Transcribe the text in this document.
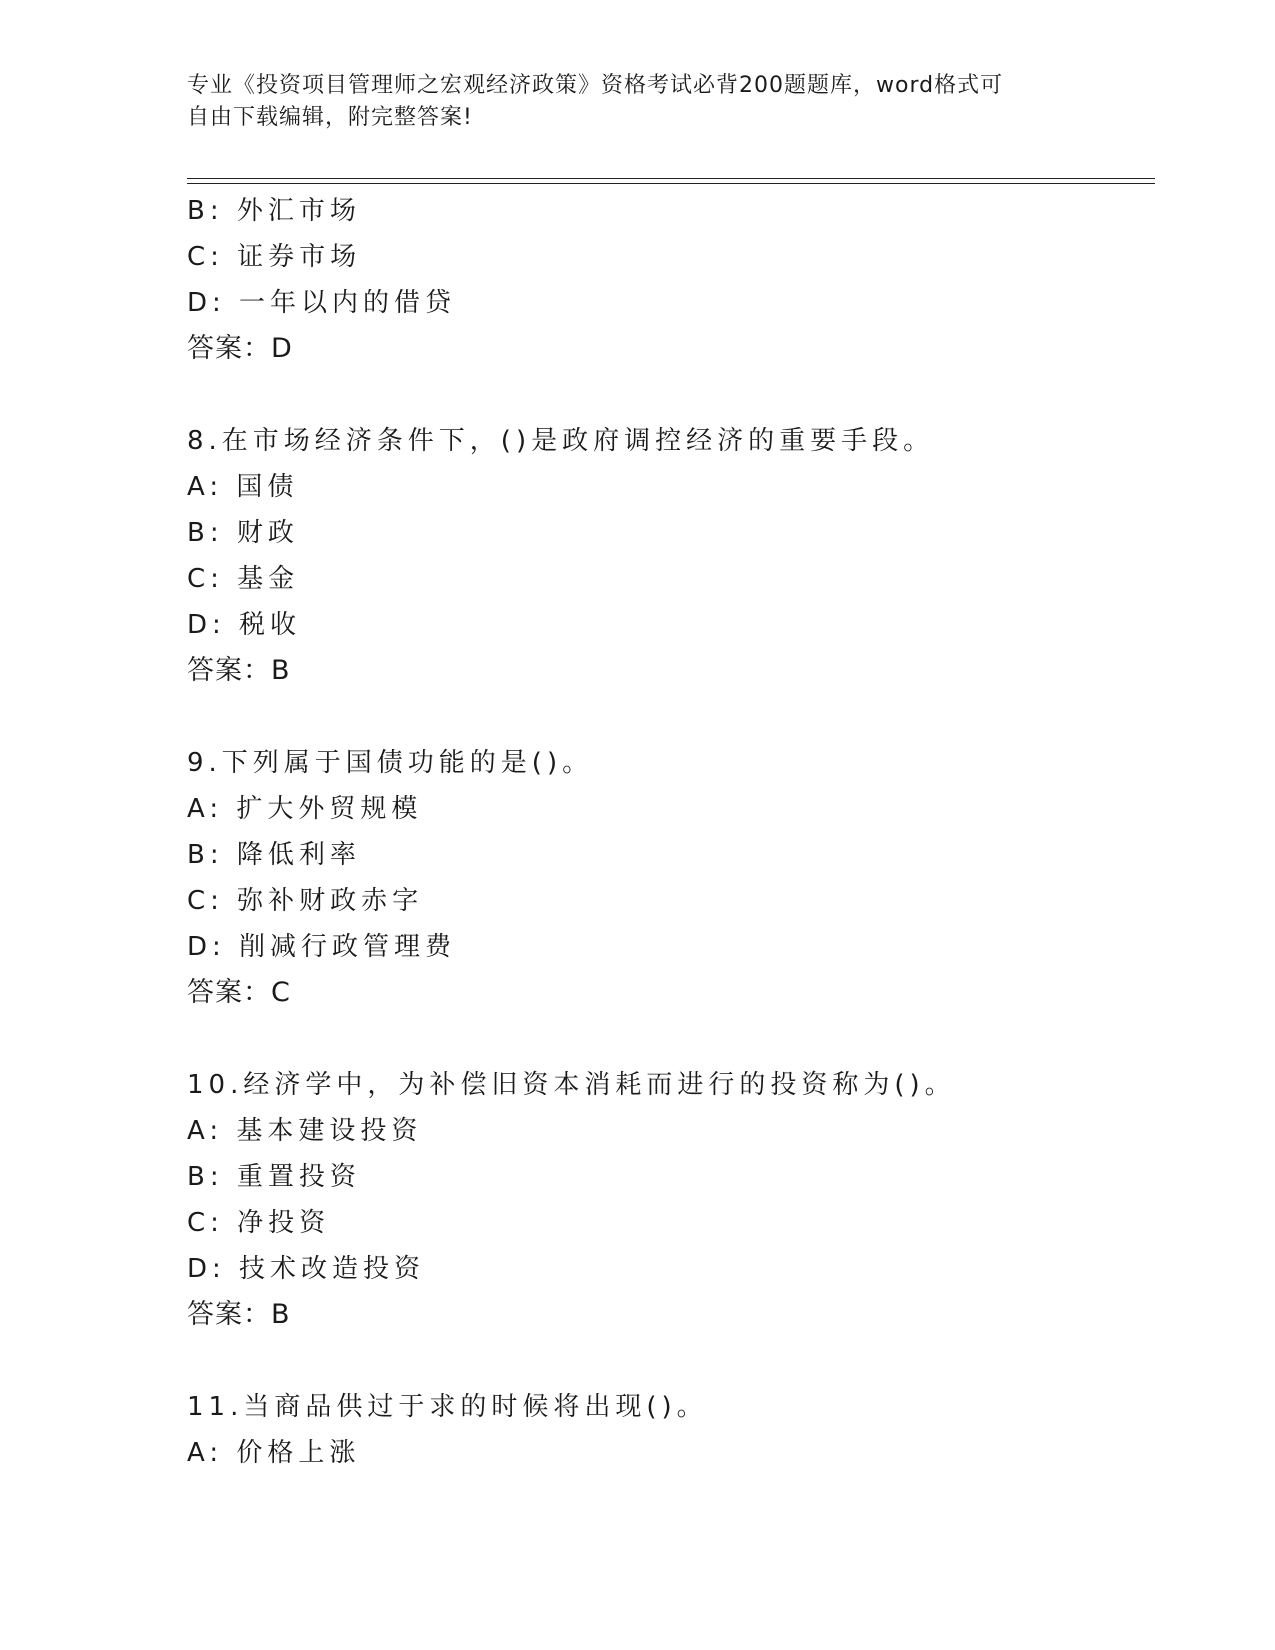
专业《投资项目管理师之宏观经济政策》资格考试必背200题题库，word格式可
自由下载编辑，附完整答案!
B: 外汇市场
C: 证券市场
D: 一年以内的借贷
答案：D
8.在市场经济条件下，()是政府调控经济的重要手段。
A: 国债
B: 财政
C: 基金
D: 税收
答案：B
9.下列属于国债功能的是()。
A: 扩大外贸规模
B: 降低利率
C: 弥补财政赤字
D: 削减行政管理费
答案：C
10.经济学中，为补偿旧资本消耗而进行的投资称为()。
A: 基本建设投资
B: 重置投资
C: 净投资
D: 技术改造投资
答案：B
11.当商品供过于求的时候将出现()。
A: 价格上涨
